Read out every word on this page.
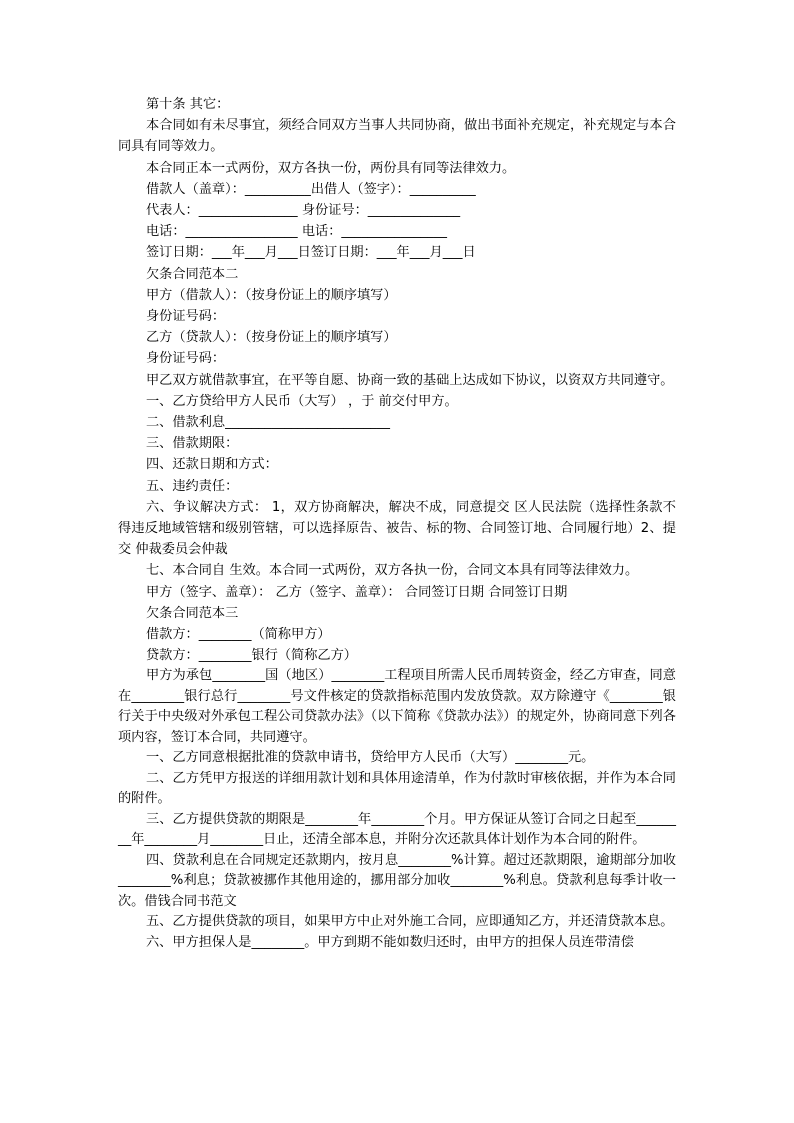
第十条 其它：

本合同如有未尽事宜，须经合同双方当事人共同协商，做出书面补充规定，补充规定与本合同具有同等效力。

本合同正本一式两份，双方各执一份，两份具有同等法律效力。

借款人（盖章）：__________出借人（签字）：__________

代表人：_______________ 身份证号：______________

电话：_________________ 电话：________________

签订日期：___年___月___日签订日期：___年___月___日

欠条合同范本二

甲方（借款人）：（按身份证上的顺序填写）

身份证号码：

乙方（贷款人）：（按身份证上的顺序填写）

身份证号码：

甲乙双方就借款事宜，在平等自愿、协商一致的基础上达成如下协议，以资双方共同遵守。

一、乙方贷给甲方人民币（大写） ，于 前交付甲方。

二、借款利息_________________________

三、借款期限：

四、还款日期和方式：

五、违约责任：

六、争议解决方式： 1，双方协商解决，解决不成，同意提交 区人民法院（选择性条款不得违反地域管辖和级别管辖，可以选择原告、被告、标的物、合同签订地、合同履行地）2、提交 仲裁委员会仲裁

七、本合同自 生效。本合同一式两份，双方各执一份，合同文本具有同等法律效力。

甲方（签字、盖章）： 乙方（签字、盖章）： 合同签订日期 合同签订日期

欠条合同范本三

借款方：________（简称甲方）

贷款方：________银行（简称乙方）

甲方为承包________国（地区）________工程项目所需人民币周转资金，经乙方审查，同意在________银行总行________号文件核定的贷款指标范围内发放贷款。双方除遵守《________银行关于中央级对外承包工程公司贷款办法》（以下简称《贷款办法》）的规定外，协商同意下列各项内容，签订本合同，共同遵守。

一、乙方同意根据批准的贷款申请书，贷给甲方人民币（大写）________元。

二、乙方凭甲方报送的详细用款计划和具体用途清单，作为付款时审核依据，并作为本合同的附件。

三、乙方提供贷款的期限是________年________个月。甲方保证从签订合同之日起至________年________月________日止，还清全部本息，并附分次还款具体计划作为本合同的附件。

四、贷款利息在合同规定还款期内，按月息________%计算。超过还款期限，逾期部分加收________%利息；贷款被挪作其他用途的，挪用部分加收________%利息。贷款利息每季计收一次。借钱合同书范文

五、乙方提供贷款的项目，如果甲方中止对外施工合同，应即通知乙方，并还清贷款本息。

六、甲方担保人是________。甲方到期不能如数归还时，由甲方的担保人员连带清偿
